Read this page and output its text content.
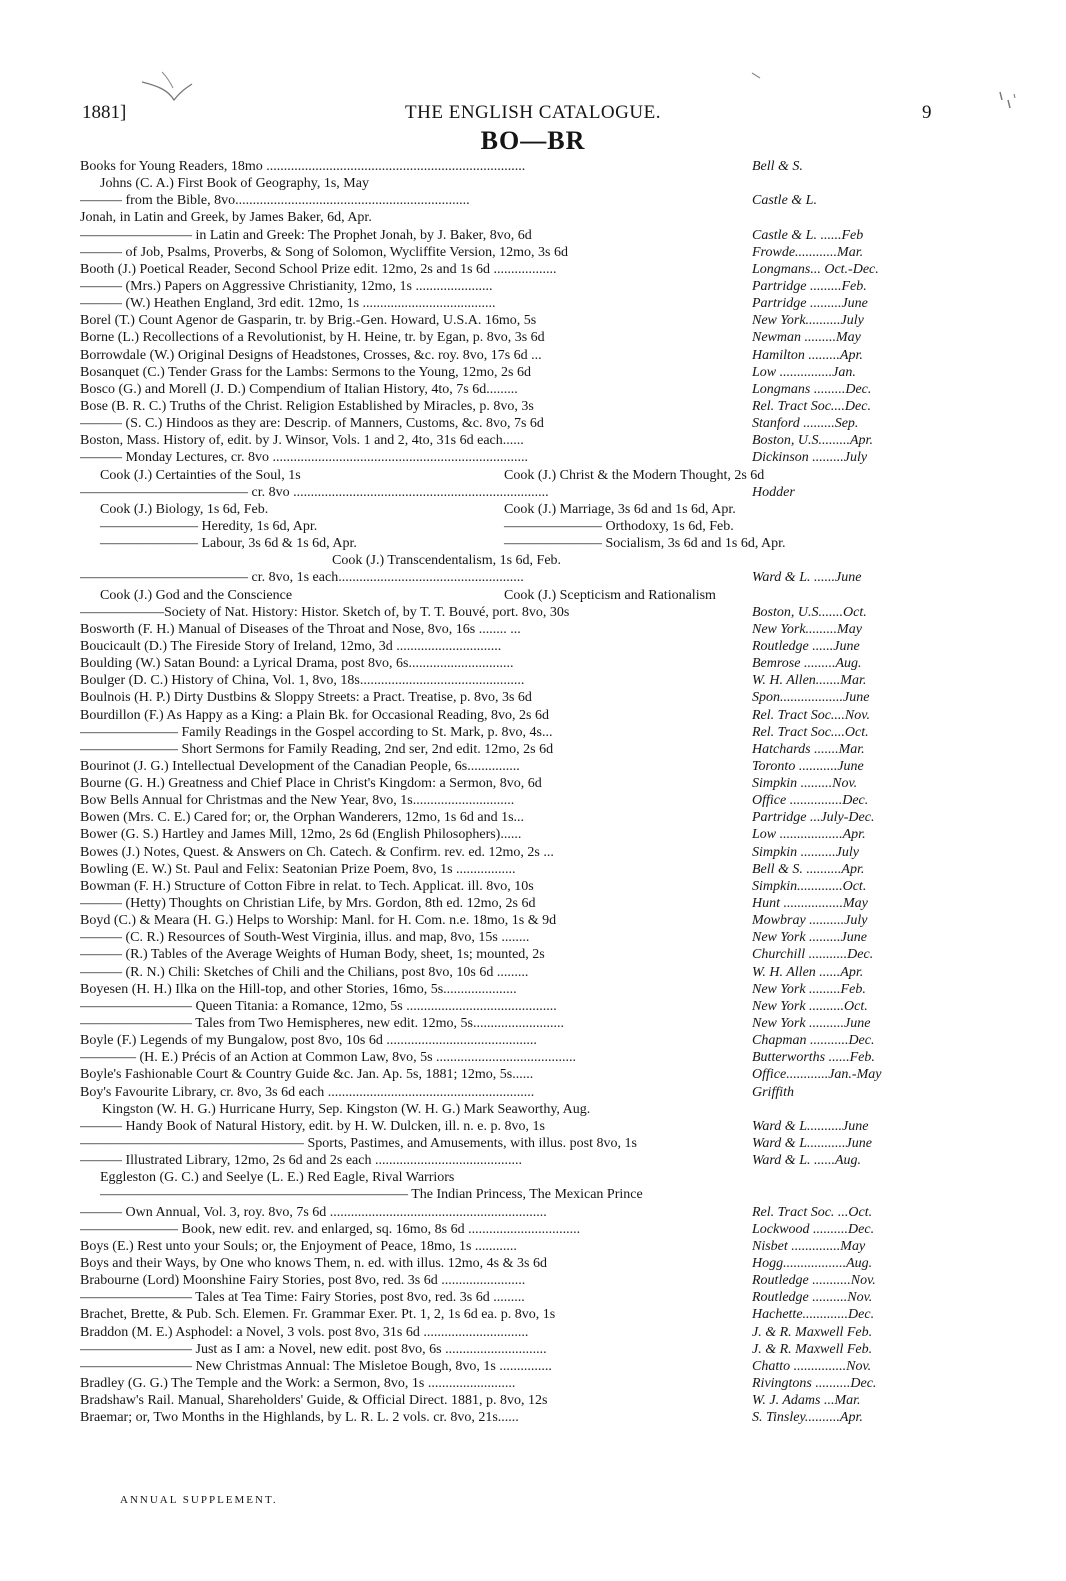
1881]	THE ENGLISH CATALOGUE.	9
BO—BR
Books for Young Readers, 18mo ..........................................................................	Bell & S.
Johns (C. A.) First Book of Geography, 1s, May
——— from the Bible, 8vo...................................................................	Castle & L.
Jonah, in Latin and Greek, by James Baker, 6d, Apr.
———————— in Latin and Greek: The Prophet Jonah, by J. Baker, 8vo, 6d	Castle & L. ......Feb
——— of Job, Psalms, Proverbs, & Song of Solomon, Wycliffite Version, 12mo, 3s 6d	Frowde............Mar.
Booth (J.) Poetical Reader, Second School Prize edit. 12mo, 2s and 1s 6d ..................	Longmans... Oct.-Dec.
——— (Mrs.) Papers on Aggressive Christianity, 12mo, 1s ......................	Partridge .........Feb.
——— (W.) Heathen England, 3rd edit. 12mo, 1s ......................................	Partridge .........June
Borel (T.) Count Agenor de Gasparin, tr. by Brig.-Gen. Howard, U.S.A. 16mo, 5s	New York..........July
Borne (L.) Recollections of a Revolutionist, by H. Heine, tr. by Egan, p. 8vo, 3s 6d	Newman .........May
Borrowdale (W.) Original Designs of Headstones, Crosses, &c. roy. 8vo, 17s 6d ...	Hamilton .........Apr.
Bosanquet (C.) Tender Grass for the Lambs: Sermons to the Young, 12mo, 2s 6d	Low ...............Jan.
Bosco (G.) and Morell (J. D.) Compendium of Italian History, 4to, 7s 6d.........	Longmans .........Dec.
Bose (B. R. C.) Truths of the Christ. Religion Established by Miracles, p. 8vo, 3s	Rel. Tract Soc....Dec.
——— (S. C.) Hindoos as they are: Descrip. of Manners, Customs, &c. 8vo, 7s 6d	Stanford .........Sep.
Boston, Mass. History of, edit. by J. Winsor, Vols. 1 and 2, 4to, 31s 6d each......	Boston, U.S.........Apr.
——— Monday Lectures, cr. 8vo .........................................................................	Dickinson .........July
Cook (J.) Certainties of the Soul, 1s	Cook (J.) Christ & the Modern Thought, 2s 6d
———————————— cr. 8vo .........................................................................	Hodder
Cook (J.) Biology, 1s 6d, Feb.	Cook (J.) Marriage, 3s 6d and 1s 6d, Apr.
——————— Heredity, 1s 6d, Apr.	——————— Orthodoxy, 1s 6d, Feb.
——————— Labour, 3s 6d & 1s 6d, Apr.	——————— Socialism, 3s 6d and 1s 6d, Apr.
Cook (J.) Transcendentalism, 1s 6d, Feb.
———————————— cr. 8vo, 1s each.....................................................	Ward & L. ......June
Cook (J.) God and the Conscience	Cook (J.) Scepticism and Rationalism
——————Society of Nat. History: Histor. Sketch of, by T. T. Bouvé, port. 8vo, 30s	Boston, U.S.......Oct.
Bosworth (F. H.) Manual of Diseases of the Throat and Nose, 8vo, 16s ........ ...	New York.........May
Boucicault (D.) The Fireside Story of Ireland, 12mo, 3d ..............................	Routledge ......June
Boulding (W.) Satan Bound: a Lyrical Drama, post 8vo, 6s..............................	Bemrose .........Aug.
Boulger (D. C.) History of China, Vol. 1, 8vo, 18s...............................................	W. H. Allen.......Mar.
Boulnois (H. P.) Dirty Dustbins & Sloppy Streets: a Pract. Treatise, p. 8vo, 3s 6d	Spon..................June
Bourdillon (F.) As Happy as a King: a Plain Bk. for Occasional Reading, 8vo, 2s 6d	Rel. Tract Soc....Nov.
——————— Family Readings in the Gospel according to St. Mark, p. 8vo, 4s...	Rel. Tract Soc....Oct.
——————— Short Sermons for Family Reading, 2nd ser, 2nd edit. 12mo, 2s 6d	Hatchards .......Mar.
Bourinot (J. G.) Intellectual Development of the Canadian People, 6s...............	Toronto ...........June
Bourne (G. H.) Greatness and Chief Place in Christ's Kingdom: a Sermon, 8vo, 6d	Simpkin .........Nov.
Bow Bells Annual for Christmas and the New Year, 8vo, 1s.............................	Office ...............Dec.
Bowen (Mrs. C. E.) Cared for; or, the Orphan Wanderers, 12mo, 1s 6d and 1s...	Partridge ...July-Dec.
Bower (G. S.) Hartley and James Mill, 12mo, 2s 6d (English Philosophers)......	Low ..................Apr.
Bowes (J.) Notes, Quest. & Answers on Ch. Catech. & Confirm. rev. ed. 12mo, 2s ...	Simpkin ..........July
Bowling (E. W.) St. Paul and Felix: Seatonian Prize Poem, 8vo, 1s .................	Bell & S. ..........Apr.
Bowman (F. H.) Structure of Cotton Fibre in relat. to Tech. Applicat. ill. 8vo, 10s	Simpkin.............Oct.
——— (Hetty) Thoughts on Christian Life, by Mrs. Gordon, 8th ed. 12mo, 2s 6d	Hunt .................May
Boyd (C.) & Meara (H. G.) Helps to Worship: Manl. for H. Com. n.e. 18mo, 1s & 9d	Mowbray ..........July
——— (C. R.) Resources of South-West Virginia, illus. and map, 8vo, 15s ........	New York .........June
——— (R.) Tables of the Average Weights of Human Body, sheet, 1s; mounted, 2s	Churchill ...........Dec.
——— (R. N.) Chili: Sketches of Chili and the Chilians, post 8vo, 10s 6d .........	W. H. Allen ......Apr.
Boyesen (H. H.) Ilka on the Hill-top, and other Stories, 16mo, 5s.....................	New York .........Feb.
———————— Queen Titania: a Romance, 12mo, 5s ...........................................	New York ..........Oct.
———————— Tales from Two Hemispheres, new edit. 12mo, 5s..........................	New York ..........June
Boyle (F.) Legends of my Bungalow, post 8vo, 10s 6d ...........................................	Chapman ...........Dec.
———— (H. E.) Précis of an Action at Common Law, 8vo, 5s ........................................	Butterworths ......Feb.
Boyle's Fashionable Court & Country Guide &c. Jan. Ap. 5s, 1881; 12mo, 5s......	Office............Jan.-May
Boy's Favourite Library, cr. 8vo, 3s 6d each ...........................................................	Griffith
Kingston (W. H. G.) Hurricane Hurry, Sep. Kingston (W. H. G.) Mark Seaworthy, Aug.
——— Handy Book of Natural History, edit. by H. W. Dulcken, ill. n. e. p. 8vo, 1s	Ward & L..........June
———————————————— Sports, Pastimes, and Amusements, with illus. post 8vo, 1s	Ward & L...........June
——— Illustrated Library, 12mo, 2s 6d and 2s each ..........................................	Ward & L. ......Aug.
Eggleston (G. C.) and Seelye (L. E.) Red Eagle, Rival Warriors
—————————————————————— The Indian Princess, The Mexican Prince
——— Own Annual, Vol. 3, roy. 8vo, 7s 6d ..............................................................	Rel. Tract Soc. ...Oct.
——————— Book, new edit. rev. and enlarged, sq. 16mo, 8s 6d ................................	Lockwood ..........Dec.
Boys (E.) Rest unto your Souls; or, the Enjoyment of Peace, 18mo, 1s ............	Nisbet ..............May
Boys and their Ways, by One who knows Them, n. ed. with illus. 12mo, 4s & 3s 6d	Hogg..................Aug.
Brabourne (Lord) Moonshine Fairy Stories, post 8vo, red. 3s 6d ........................	Routledge ...........Nov.
———————— Tales at Tea Time: Fairy Stories, post 8vo, red. 3s 6d .........	Routledge ..........Nov.
Brachet, Brette, & Pub. Sch. Elemen. Fr. Grammar Exer. Pt. 1, 2, 1s 6d ea. p. 8vo, 1s	Hachette.............Dec.
Braddon (M. E.) Asphodel: a Novel, 3 vols. post 8vo, 31s 6d ..............................	J. & R. Maxwell Feb.
———————— Just as I am: a Novel, new edit. post 8vo, 6s .............................	J. & R. Maxwell Feb.
———————— New Christmas Annual: The Misletoe Bough, 8vo, 1s ...............	Chatto ...............Nov.
Bradley (G. G.) The Temple and the Work: a Sermon, 8vo, 1s .........................	Rivingtons ..........Dec.
Bradshaw's Rail. Manual, Shareholders' Guide, & Official Direct. 1881, p. 8vo, 12s	W. J. Adams ...Mar.
Braemar; or, Two Months in the Highlands, by L. R. L. 2 vols. cr. 8vo, 21s......	S. Tinsley..........Apr.
ANNUAL SUPPLEMENT.
